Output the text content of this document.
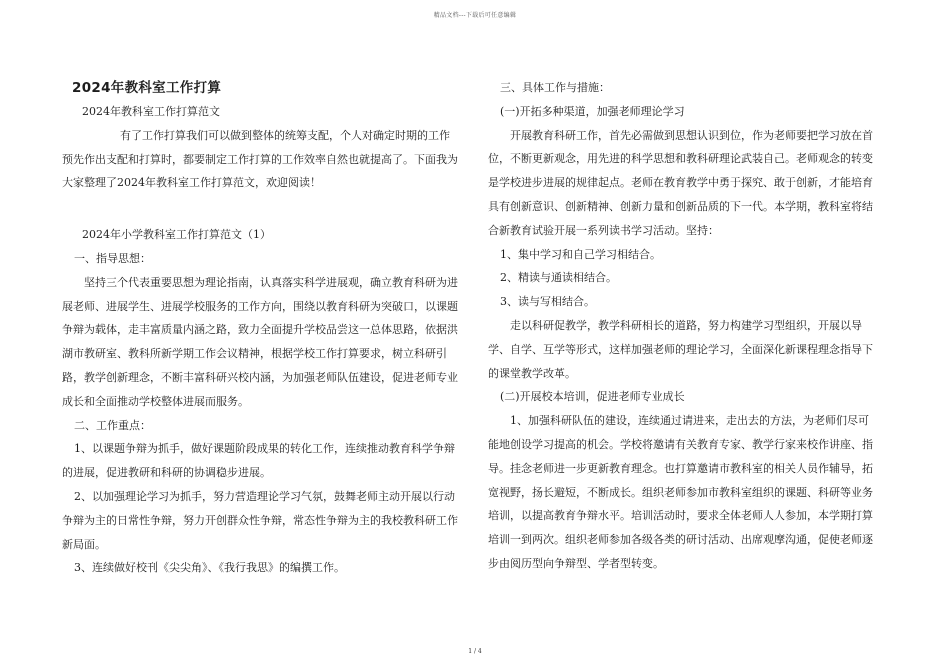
精品文档---下载后可任意编辑

2024年教科室工作打算

2024年教科室工作打算范文

有了工作打算我们可以做到整体的统筹支配，个人对确定时期的工作预先作出支配和打算时，都要制定工作打算的工作效率自然也就提高了。下面我为大家整理了2024年教科室工作打算范文，欢迎阅读！

2024年小学教科室工作打算范文（1）

一、指导思想：

坚持三个代表重要思想为理论指南，认真落实科学进展观，确立教育科研为进展老师、进展学生、进展学校服务的工作方向，围绕以教育科研为突破口，以课题争辩为载体，走丰富质量内涵之路，致力全面提升学校品尝这一总体思路，依据洪湖市教研室、教科所新学期工作会议精神，根据学校工作打算要求，树立科研引路，教学创新理念，不断丰富科研兴校内涵，为加强老师队伍建设，促进老师专业成长和全面推动学校整体进展而服务。

二、工作重点：

1、以课题争辩为抓手，做好课题阶段成果的转化工作，连续推动教育科学争辩的进展，促进教研和科研的协调稳步进展。

2、以加强理论学习为抓手，努力营造理论学习气氛，鼓舞老师主动开展以行动争辩为主的日常性争辩，努力开创群众性争辩，常态性争辩为主的我校教科研工作新局面。

3、连续做好校刊《尖尖角》、《我行我思》的编撰工作。

三、具体工作与措施：

(一)开拓多种渠道，加强老师理论学习

开展教育科研工作，首先必需做到思想认识到位，作为老师要把学习放在首位，不断更新观念，用先进的科学思想和教科研理论武装自己。老师观念的转变是学校进步进展的规律起点。老师在教育教学中勇于探究、敢于创新，才能培育具有创新意识、创新精神、创新力量和创新品质的下一代。本学期，教科室将结合新教育试验开展一系列读书学习活动。坚持：

1、集中学习和自己学习相结合。

2、精读与通读相结合。

3、读与写相结合。

走以科研促教学，教学科研相长的道路，努力构建学习型组织，开展以导学、自学、互学等形式，这样加强老师的理论学习，全面深化新课程理念指导下的课堂教学改革。

(二)开展校本培训，促进老师专业成长

1、加强科研队伍的建设，连续通过请进来，走出去的方法，为老师们尽可能地创设学习提高的机会。学校将邀请有关教育专家、教学行家来校作讲座、指导。挂念老师进一步更新教育理念。也打算邀请市教科室的相关人员作辅导，拓宽视野，扬长避短，不断成长。组织老师参加市教科室组织的课题、科研等业务培训，以提高教育争辩水平。培训活动时，要求全体老师人人参加，本学期打算培训一到两次。组织老师参加各级各类的研讨活动、出席观摩沟通，促使老师逐步由阅历型向争辩型、学者型转变。

1 / 4
